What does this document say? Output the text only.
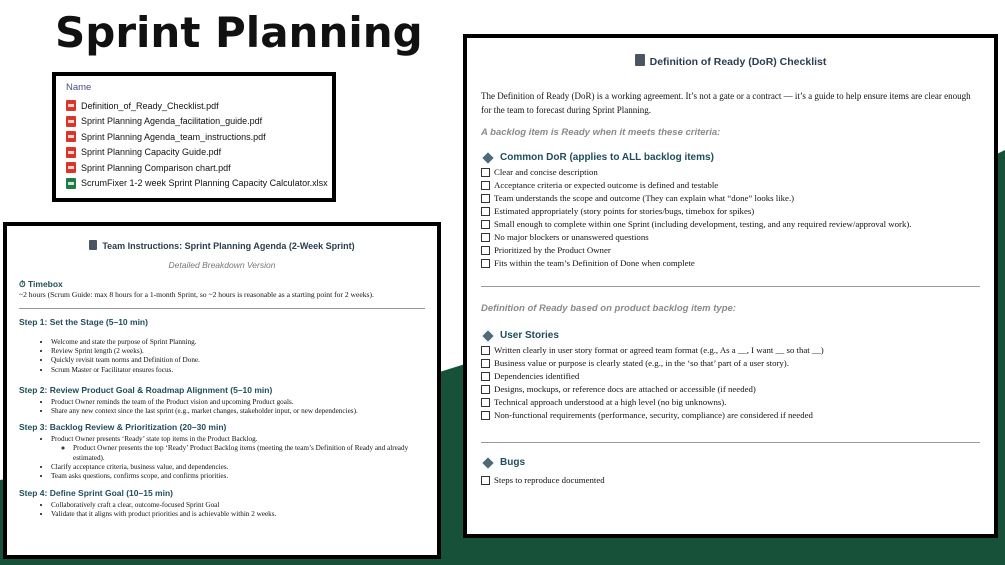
Sprint Planning
Name
Definition_of_Ready_Checklist.pdf
Sprint Planning Agenda_facilitation_guide.pdf
Sprint Planning Agenda_team_instructions.pdf
Sprint Planning Capacity Guide.pdf
Sprint Planning Comparison chart.pdf
ScrumFixer 1-2 week Sprint Planning Capacity Calculator.xlsx
Team Instructions: Sprint Planning Agenda (2-Week Sprint)
Detailed Breakdown Version
⏱ Timebox
~2 hours (Scrum Guide: max 8 hours for a 1-month Sprint, so ~2 hours is reasonable as a starting point for 2 weeks).
Step 1: Set the Stage (5–10 min)
• Welcome and state the purpose of Sprint Planning.
• Review Sprint length (2 weeks).
• Quickly revisit team norms and Definition of Done.
• Scrum Master or Facilitator ensures focus.
Step 2: Review Product Goal & Roadmap Alignment (5–10 min)
• Product Owner reminds the team of the Product vision and upcoming Product goals.
• Share any new context since the last sprint (e.g., market changes, stakeholder input, or new dependencies).
Step 3: Backlog Review & Prioritization (20–30 min)
• Product Owner presents ‘Ready’ state top items in the Product Backlog.
◦ Product Owner presents the top ‘Ready’ Product Backlog items (meeting the team’s Definition of Ready and already estimated).
• Clarify acceptance criteria, business value, and dependencies.
• Team asks questions, confirms scope, and confirms priorities.
Step 4: Define Sprint Goal (10–15 min)
• Collaboratively craft a clear, outcome-focused Sprint Goal
• Validate that it aligns with product priorities and is achievable within 2 weeks.
Definition of Ready (DoR) Checklist
The Definition of Ready (DoR) is a working agreement. It’s not a gate or a contract — it’s a guide to help ensure items are clear enough for the team to forecast during Sprint Planning.
A backlog item is Ready when it meets these criteria:
Common DoR (applies to ALL backlog items)
Clear and concise description
Acceptance criteria or expected outcome is defined and testable
Team understands the scope and outcome (They can explain what “done” looks like.)
Estimated appropriately (story points for stories/bugs, timebox for spikes)
Small enough to complete within one Sprint (including development, testing, and any required review/approval work).
No major blockers or unanswered questions
Prioritized by the Product Owner
Fits within the team’s Definition of Done when complete
Definition of Ready based on product backlog item type:
User Stories
Written clearly in user story format or agreed team format (e.g., As a __, I want __ so that __)
Business value or purpose is clearly stated (e.g., in the ‘so that’ part of a user story).
Dependencies identified
Designs, mockups, or reference docs are attached or accessible (if needed)
Technical approach understood at a high level (no big unknowns).
Non-functional requirements (performance, security, compliance) are considered if needed
Bugs
Steps to reproduce documented
